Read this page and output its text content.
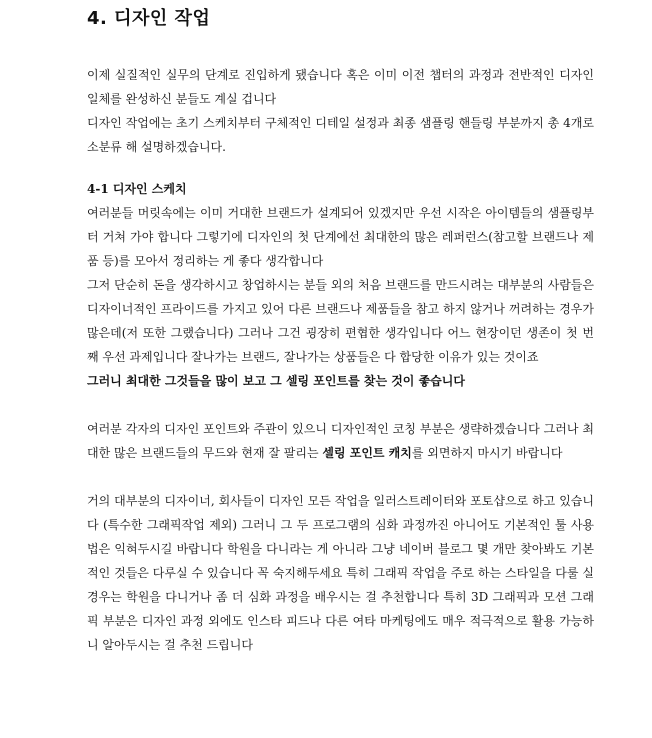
4. 디자인 작업

이제 실질적인 실무의 단계로 진입하게 됐습니다 혹은 이미 이전 챕터의 과정과 전반적인 디자인 일체를 완성하신 분들도 계실 겁니다

디자인 작업에는 초기 스케치부터 구체적인 디테일 설정과 최종 샘플링 핸들링 부분까지 총 4개로 소분류 해 설명하겠습니다.

4-1 디자인 스케치

여러분들 머릿속에는 이미 거대한 브랜드가 설계되어 있겠지만 우선 시작은 아이템들의 샘플링부터 거쳐 가야 합니다 그렇기에 디자인의 첫 단계에선 최대한의 많은 레퍼런스(참고할 브랜드나 제품 등)를 모아서 정리하는 게 좋다 생각합니다

그저 단순히 돈을 생각하시고 창업하시는 분들 외의 처음 브랜드를 만드시려는 대부분의 사람들은 디자이너적인 프라이드를 가지고 있어 다른 브랜드나 제품들을 참고 하지 않거나 꺼려하는 경우가 많은데(저 또한 그랬습니다) 그러나 그건 굉장히 편협한 생각입니다 어느 현장이던 생존이 첫 번째 우선 과제입니다 잘나가는 브랜드, 잘나가는 상품들은 다 합당한 이유가 있는 것이죠

그러니 최대한 그것들을 많이 보고 그 셀링 포인트를 찾는 것이 좋습니다

여러분 각자의 디자인 포인트와 주관이 있으니 디자인적인 코칭 부분은 생략하겠습니다 그러나 최대한 많은 브랜드들의 무드와 현재 잘 팔리는 셀링 포인트 캐치를 외면하지 마시기 바랍니다

거의 대부분의 디자이너, 회사들이 디자인 모든 작업을 일러스트레이터와 포토샵으로 하고 있습니다 (특수한 그래픽작업 제외) 그러니 그 두 프로그램의 심화 과정까진 아니어도 기본적인 툴 사용법은 익혀두시길 바랍니다 학원을 다니라는 게 아니라 그냥 네이버 블로그 몇 개만 찾아봐도 기본적인 것들은 다루실 수 있습니다 꼭 숙지해두세요 특히 그래픽 작업을 주로 하는 스타일을 다룰 실 경우는 학원을 다니거나 좀 더 심화 과정을 배우시는 걸 추천합니다 특히 3D 그래픽과 모션 그래픽 부분은 디자인 과정 외에도 인스타 피드나 다른 여타 마케팅에도 매우 적극적으로 활용 가능하니 알아두시는 걸 추천 드립니다
